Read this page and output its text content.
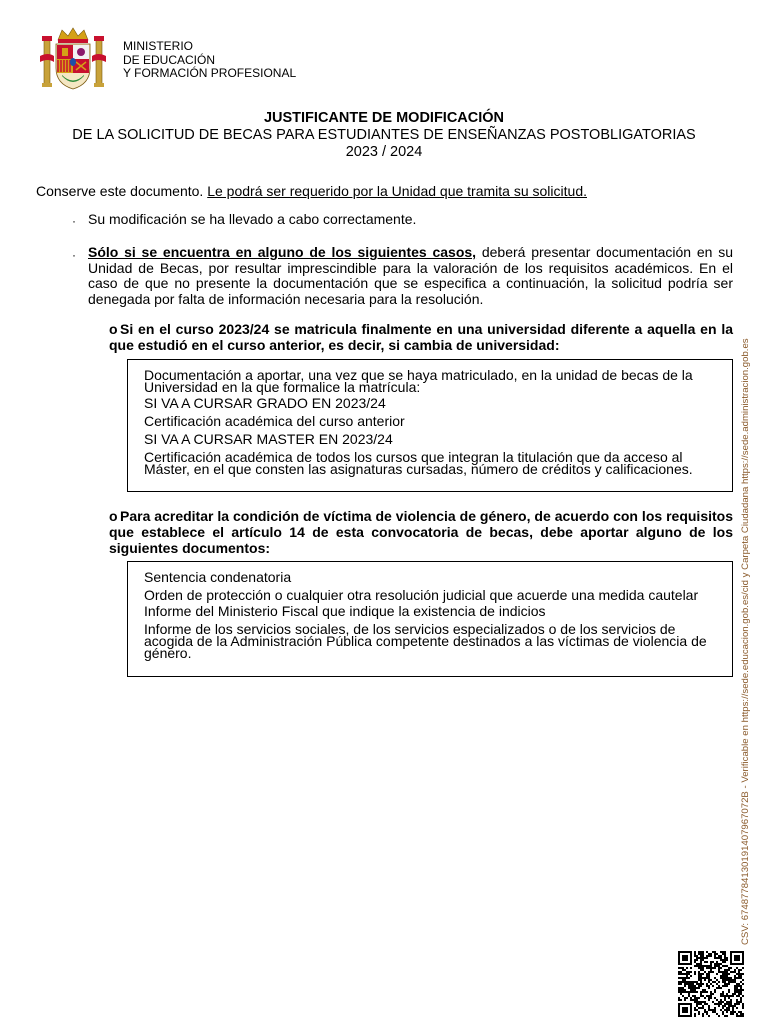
MINISTERIO
DE EDUCACIÓN
Y FORMACIÓN PROFESIONAL
JUSTIFICANTE DE MODIFICACIÓN
DE LA SOLICITUD DE BECAS PARA ESTUDIANTES DE ENSEÑANZAS POSTOBLIGATORIAS
2023 / 2024
Conserve este documento. Le podrá ser requerido por la Unidad que tramita su solicitud.
· Su modificación se ha llevado a cabo correctamente.
· Sólo si se encuentra en alguno de los siguientes casos, deberá presentar documentación en su Unidad de Becas, por resultar imprescindible para la valoración de los requisitos académicos. En el caso de que no presente la documentación que se especifica a continuación, la solicitud podría ser denegada por falta de información necesaria para la resolución.
o Si en el curso 2023/24 se matricula finalmente en una universidad diferente a aquella en la que estudió en el curso anterior, es decir, si cambia de universidad:
Documentación a aportar, una vez que se haya matriculado, en la unidad de becas de la Universidad en la que formalice la matrícula:
SI VA A CURSAR GRADO EN 2023/24
Certificación académica del curso anterior
SI VA A CURSAR MASTER EN 2023/24
Certificación académica de todos los cursos que integran la titulación que da acceso al Máster, en el que consten las asignaturas cursadas, número de créditos y calificaciones.
o Para acreditar la condición de víctima de violencia de género, de acuerdo con los requisitos que establece el artículo 14 de esta convocatoria de becas, debe aportar alguno de los siguientes documentos:
Sentencia condenatoria
Orden de protección o cualquier otra resolución judicial que acuerde una medida cautelar
Informe del Ministerio Fiscal que indique la existencia de indicios
Informe de los servicios sociales, de los servicios especializados o de los servicios de acogida de la Administración Pública competente destinados a las víctimas de violencia de género.	CSV: 67487784130191407967072B - Verificable en https://sede.educacion.gob.es/cid y Carpeta Ciudadana https://sede.administracion.gob.es
